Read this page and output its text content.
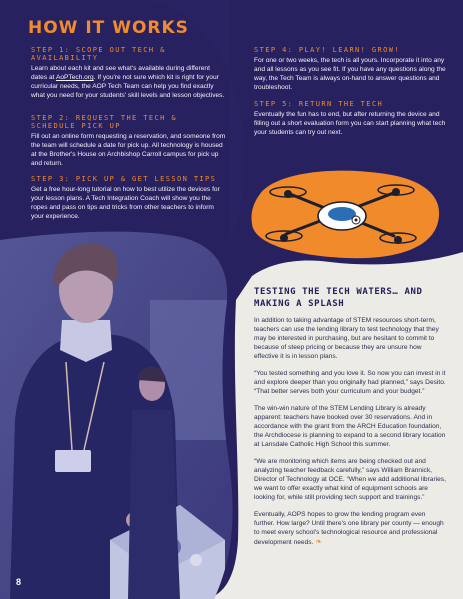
HOW IT WORKS
STEP 1: SCOPE OUT TECH & AVAILABILITY
Learn about each kit and see what's available during different dates at AoPTech.org. If you're not sure which kit is right for your curricular needs, the AOP Tech Team can help you find exactly what you need for your students' skill levels and lesson objectives.
STEP 2: REQUEST THE TECH & SCHEDULE PICK UP
Fill out an online form requesting a reservation, and someone from the team will schedule a date for pick up. All technology is housed at the Brother's House on Archbishop Carroll campus for pick up and return.
STEP 3: PICK UP & GET LESSON TIPS
Get a free hour-long tutorial on how to best utilize the devices for your lesson plans. A Tech Integration Coach will show you the ropes and pass on tips and tricks from other teachers to inform your experience.
STEP 4: PLAY! LEARN! GROW!
For one or two weeks, the tech is all yours. Incorporate it into any and all lessons as you see fit. If you have any questions along the way, the Tech Team is always on-hand to answer questions and troubleshoot.
STEP 5: RETURN THE TECH
Eventually the fun has to end, but after returning the device and filling out a short evaluation form you can start planning what tech your students can try out next.
TESTING THE TECH WATERS… AND MAKING A SPLASH

In addition to taking advantage of STEM resources short-term, teachers can use the lending library to test technology that they may be interested in purchasing, but are hesitant to commit to because of steep pricing or because they are unsure how effective it is in lesson plans.

“You tested something and you love it. So now you can invest in it and explore deeper than you originally had planned,” says Desito. “That better serves both your curriculum and your budget.”

The win-win nature of the STEM Lending Library is already apparent: teachers have booked over 30 reservations. And in accordance with the grant from the ARCH Education foundation, the Archdiocese is planning to expand to a second library location at Lansdale Catholic High School this summer.

“We are monitoring which items are being checked out and analyzing teacher feedback carefully,” says William Brannick, Director of Technology at OCE. “When we add additional libraries, we want to offer exactly what kind of equipment schools are looking for, while still providing tech support and trainings.”

Eventually, AOPS hopes to grow the lending program even further. How large? Until there's one library per county — enough to meet every school's technological resource and professional development needs. ❧

8
